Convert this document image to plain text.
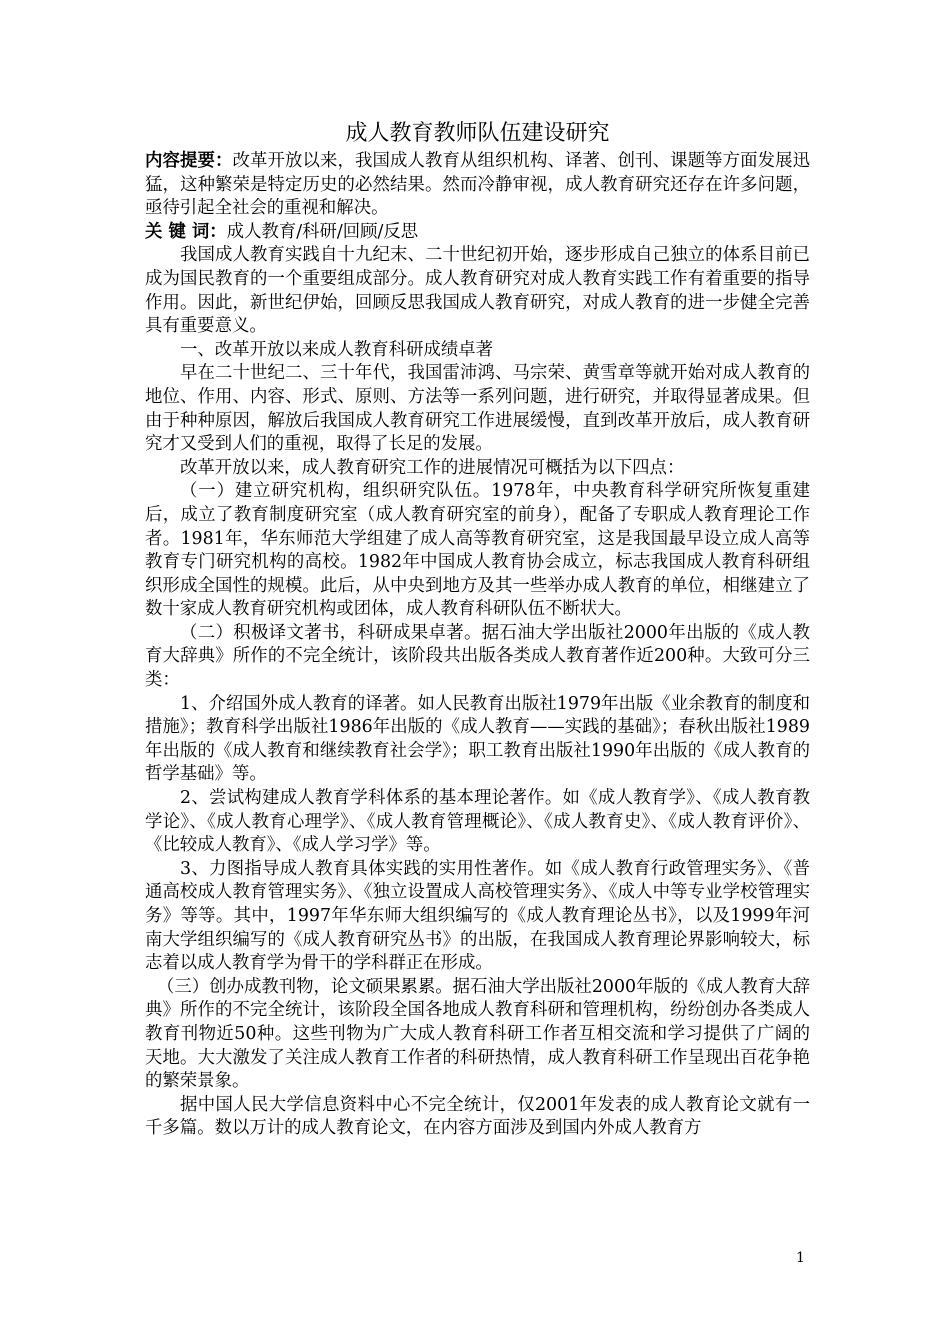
成人教育教师队伍建设研究

内容提要：改革开放以来，我国成人教育从组织机构、译著、创刊、课题等方面发展迅猛，这种繁荣是特定历史的必然结果。然而冷静审视，成人教育研究还存在许多问题，亟待引起全社会的重视和解决。

关 键 词：成人教育/科研/回顾/反思

我国成人教育实践自十九纪末、二十世纪初开始，逐步形成自己独立的体系目前已成为国民教育的一个重要组成部分。成人教育研究对成人教育实践工作有着重要的指导作用。因此，新世纪伊始，回顾反思我国成人教育研究，对成人教育的进一步健全完善具有重要意义。

一、改革开放以来成人教育科研成绩卓著

早在二十世纪二、三十年代，我国雷沛鸿、马宗荣、黄雪章等就开始对成人教育的地位、作用、内容、形式、原则、方法等一系列问题，进行研究，并取得显著成果。但由于种种原因，解放后我国成人教育研究工作进展缓慢，直到改革开放后，成人教育研究才又受到人们的重视，取得了长足的发展。

改革开放以来，成人教育研究工作的进展情况可概括为以下四点：

（一）建立研究机构，组织研究队伍。1978年，中央教育科学研究所恢复重建后，成立了教育制度研究室（成人教育研究室的前身），配备了专职成人教育理论工作者。1981年，华东师范大学组建了成人高等教育研究室，这是我国最早设立成人高等教育专门研究机构的高校。1982年中国成人教育协会成立，标志我国成人教育科研组织形成全国性的规模。此后，从中央到地方及其一些举办成人教育的单位，相继建立了数十家成人教育研究机构或团体，成人教育科研队伍不断状大。

（二）积极译文著书，科研成果卓著。据石油大学出版社2000年出版的《成人教育大辞典》所作的不完全统计，该阶段共出版各类成人教育著作近200种。大致可分三类：

1、介绍国外成人教育的译著。如人民教育出版社1979年出版《业余教育的制度和措施》；教育科学出版社1986年出版的《成人教育——实践的基础》；春秋出版社1989年出版的《成人教育和继续教育社会学》；职工教育出版社1990年出版的《成人教育的哲学基础》等。

2、尝试构建成人教育学科体系的基本理论著作。如《成人教育学》、《成人教育教学论》、《成人教育心理学》、《成人教育管理概论》、《成人教育史》、《成人教育评价》、《比较成人教育》、《成人学习学》等。

3、力图指导成人教育具体实践的实用性著作。如《成人教育行政管理实务》、《普通高校成人教育管理实务》、《独立设置成人高校管理实务》、《成人中等专业学校管理实务》等等。其中，1997年华东师大组织编写的《成人教育理论丛书》，以及1999年河南大学组织编写的《成人教育研究丛书》的出版，在我国成人教育理论界影响较大，标志着以成人教育学为骨干的学科群正在形成。

（三）创办成教刊物，论文硕果累累。据石油大学出版社2000年版的《成人教育大辞典》所作的不完全统计，该阶段全国各地成人教育科研和管理机构，纷纷创办各类成人教育刊物近50种。这些刊物为广大成人教育科研工作者互相交流和学习提供了广阔的天地。大大激发了关注成人教育工作者的科研热情，成人教育科研工作呈现出百花争艳的繁荣景象。

据中国人民大学信息资料中心不完全统计，仅2001年发表的成人教育论文就有一千多篇。数以万计的成人教育论文，在内容方面涉及到国内外成人教育方

1
